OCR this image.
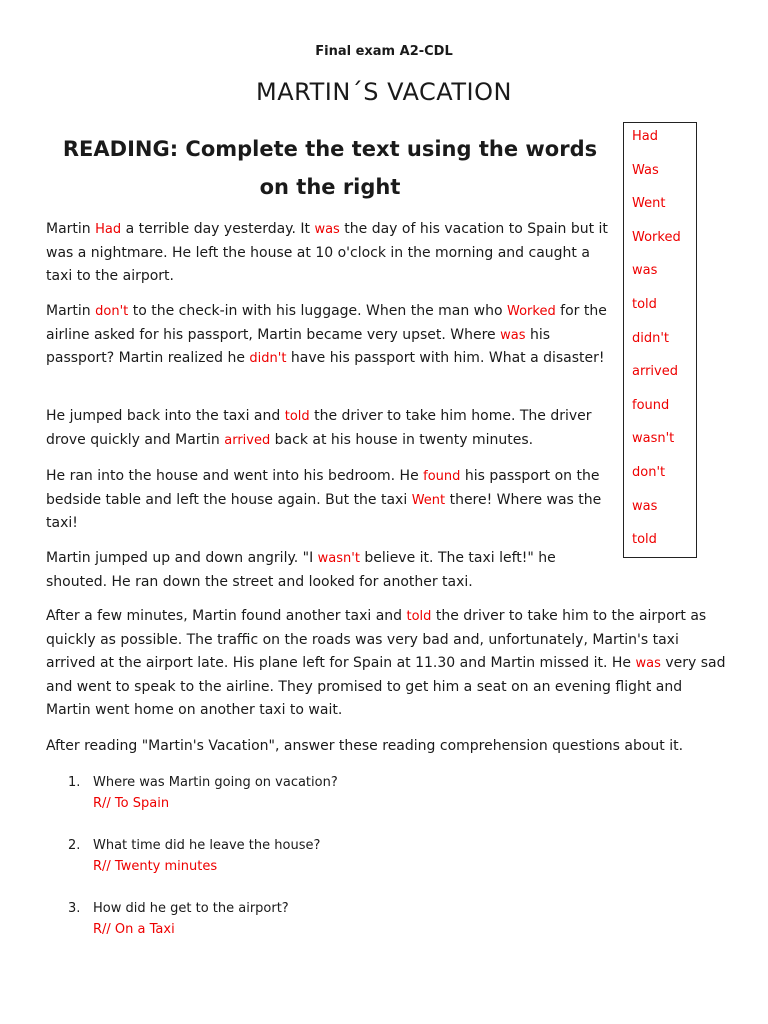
Final exam A2-CDL
MARTIN´S VACATION
READING: Complete the text using the words on the right
Had
Was
Went
Worked
was
told
didn't
arrived
found
wasn't
don't
was
told
Martin Had a terrible day yesterday. It was the day of his vacation to Spain but it was a nightmare. He left the house at 10 o'clock in the morning and caught a taxi to the airport.
Martin don't to the check-in with his luggage. When the man who Worked for the airline asked for his passport, Martin became very upset. Where was his passport? Martin realized he didn't have his passport with him. What a disaster!
He jumped back into the taxi and told the driver to take him home. The driver drove quickly and Martin arrived back at his house in twenty minutes.
He ran into the house and went into his bedroom. He found his passport on the bedside table and left the house again. But the taxi Went there! Where was the taxi!
Martin jumped up and down angrily. "I wasn't believe it. The taxi left!" he shouted. He ran down the street and looked for another taxi.
After a few minutes, Martin found another taxi and told the driver to take him to the airport as quickly as possible. The traffic on the roads was very bad and, unfortunately, Martin's taxi arrived at the airport late. His plane left for Spain at 11.30 and Martin missed it. He was very sad and went to speak to the airline. They promised to get him a seat on an evening flight and Martin went home on another taxi to wait.
After reading "Martin's Vacation", answer these reading comprehension questions about it.
1. Where was Martin going on vacation?
R// To Spain
2. What time did he leave the house?
R// Twenty minutes
3. How did he get to the airport?
R// On a Taxi
